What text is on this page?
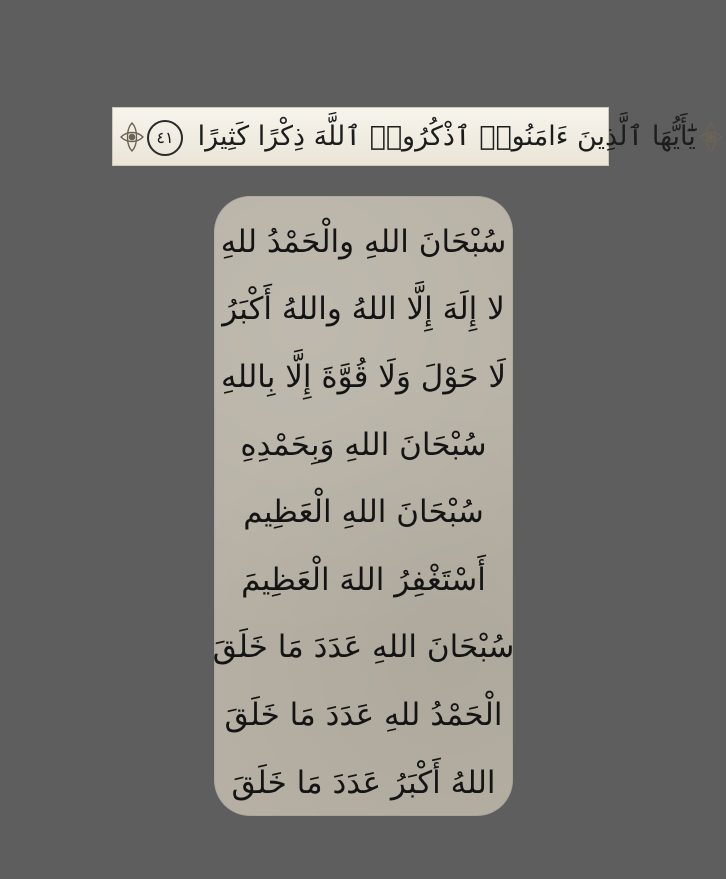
يَٰٓأَيُّهَا ٱلَّذِينَ ءَامَنُوا۟ ٱذْكُرُوا۟ ٱللَّهَ ذِكْرًا كَثِيرًا ٤١
سُبْحَانَ اللهِ والْحَمْدُ للهِ
لا إِلَهَ إِلَّا اللهُ واللهُ أَكْبَرُ
لَا حَوْلَ وَلَا قُوَّةَ إِلَّا بِاللهِ
سُبْحَانَ اللهِ وَبِحَمْدِهِ
سُبْحَانَ اللهِ الْعَظِيم
أَسْتَغْفِرُ اللهَ الْعَظِيمَ
سُبْحَانَ اللهِ عَدَدَ مَا خَلَقَ
الْحَمْدُ للهِ عَدَدَ مَا خَلَقَ
اللهُ أَكْبَرُ عَدَدَ مَا خَلَقَ
